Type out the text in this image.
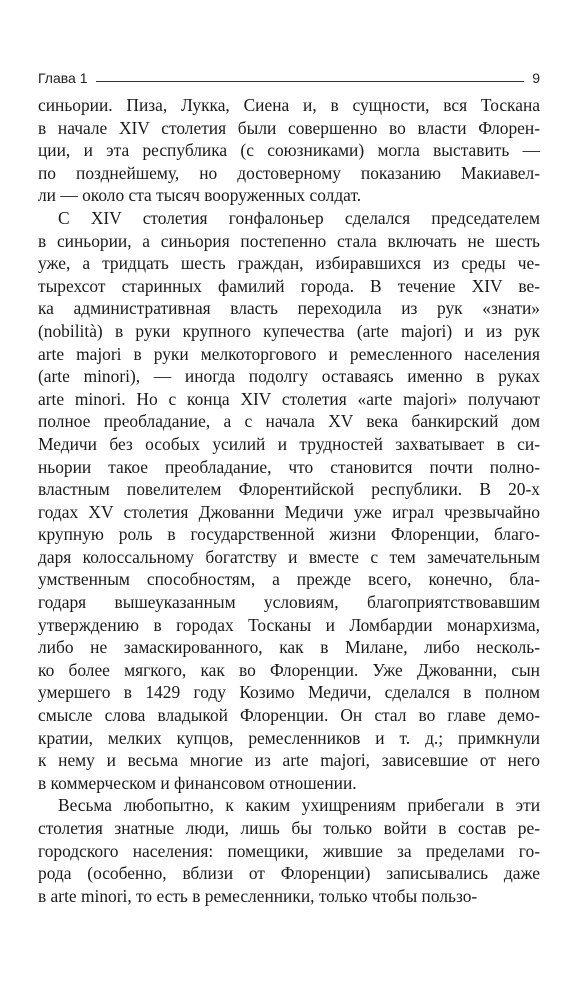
Глава 1	9

синьории. Пиза, Лукка, Сиена и, в сущности, вся Тоскана
в начале XIV столетия были совершенно во власти Флорен-
ции, и эта республика (с союзниками) могла выставить —
по позднейшему, но достоверному показанию Макиавел-
ли — около ста тысяч вооруженных солдат.

С XIV столетия гонфалоньер сделался председателем
в синьории, а синьория постепенно стала включать не шесть
уже, а тридцать шесть граждан, избиравшихся из среды че-
тырехсот старинных фамилий города. В течение XIV ве-
ка административная власть переходила из рук «знати»
(nobilità) в руки крупного купечества (arte majori) и из рук
arte majori в руки мелкоторгового и ремесленного населения
(arte minori), — иногда подолгу оставаясь именно в руках
arte minori. Но с конца XIV столетия «arte majori» получают
полное преобладание, а с начала XV века банкирский дом
Медичи без особых усилий и трудностей захватывает в си-
ньории такое преобладание, что становится почти полно-
властным повелителем Флорентийской республики. В 20-х
годах XV столетия Джованни Медичи уже играл чрезвычайно
крупную роль в государственной жизни Флоренции, благо-
даря колоссальному богатству и вместе с тем замечательным
умственным способностям, а прежде всего, конечно, бла-
годаря вышеуказанным условиям, благоприятствовавшим
утверждению в городах Тосканы и Ломбардии монархизма,
либо не замаскированного, как в Милане, либо несколь-
ко более мягкого, как во Флоренции. Уже Джованни, сын
умершего в 1429 году Козимо Медичи, сделался в полном
смысле слова владыкой Флоренции. Он стал во главе демо-
кратии, мелких купцов, ремесленников и т. д.; примкнули
к нему и весьма многие из arte majori, зависевшие от него
в коммерческом и финансовом отношении.

Весьма любопытно, к каким ухищрениям прибегали в эти
столетия знатные люди, лишь бы только войти в состав ре-
городского населения: помещики, жившие за пределами го-
рода (особенно, вблизи от Флоренции) записывались даже
в arte minori, то есть в ремесленники, только чтобы пользо-
